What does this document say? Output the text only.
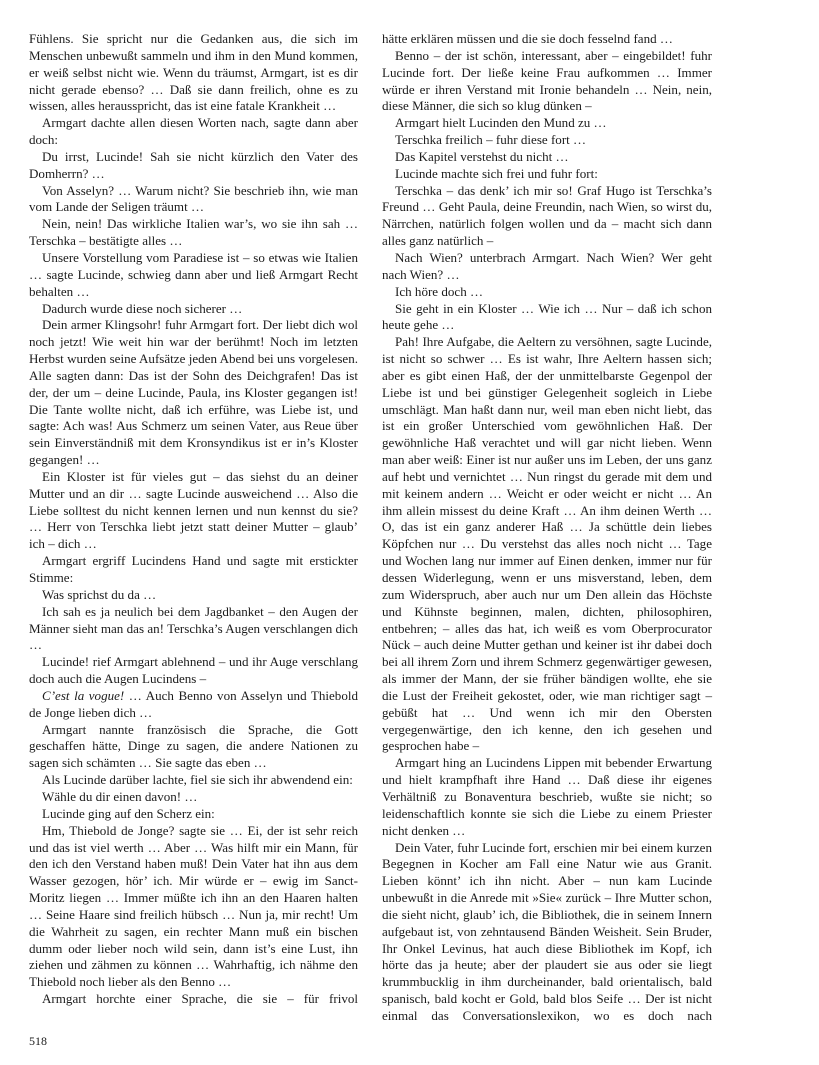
Fühlens. Sie spricht nur die Gedanken aus, die sich im Menschen unbewußt sammeln und ihm in den Mund kommen, er weiß selbst nicht wie. Wenn du träumst, Armgart, ist es dir nicht gerade ebenso? … Daß sie dann freilich, ohne es zu wissen, alles herausspricht, das ist eine fatale Krankheit …

Armgart dachte allen diesen Worten nach, sagte dann aber doch:

Du irrst, Lucinde! Sah sie nicht kürzlich den Vater des Domherrn? …

Von Asselyn? … Warum nicht? Sie beschrieb ihn, wie man vom Lande der Seligen träumt …

Nein, nein! Das wirkliche Italien war’s, wo sie ihn sah … Terschka – bestätigte alles …

Unsere Vorstellung vom Paradiese ist – so etwas wie Italien … sagte Lucinde, schwieg dann aber und ließ Armgart Recht behalten …

Dadurch wurde diese noch sicherer …

Dein armer Klingsohr! fuhr Armgart fort. Der liebt dich wol noch jetzt! Wie weit hin war der berühmt! Noch im letzten Herbst wurden seine Aufsätze jeden Abend bei uns vorgelesen. Alle sagten dann: Das ist der Sohn des Deichgrafen! Das ist der, der um – deine Lucinde, Paula, ins Kloster gegangen ist! Die Tante wollte nicht, daß ich erführe, was Liebe ist, und sagte: Ach was! Aus Schmerz um seinen Vater, aus Reue über sein Einverständniß mit dem Kronsyndikus ist er in’s Kloster gegangen! …

Ein Kloster ist für vieles gut – das siehst du an deiner Mutter und an dir … sagte Lucinde ausweichend … Also die Liebe solltest du nicht kennen lernen und nun kennst du sie? … Herr von Terschka liebt jetzt statt deiner Mutter – glaub’ ich – dich …

Armgart ergriff Lucindens Hand und sagte mit erstickter Stimme:

Was sprichst du da …

Ich sah es ja neulich bei dem Jagdbanket – den Augen der Männer sieht man das an! Terschka’s Augen verschlangen dich …

Lucinde! rief Armgart ablehnend – und ihr Auge verschlang doch auch die Augen Lucindens –

C’est la vogue! … Auch Benno von Asselyn und Thiebold de Jonge lieben dich …

Armgart nannte französisch die Sprache, die Gott geschaffen hätte, Dinge zu sagen, die andere Nationen zu sagen sich schämten … Sie sagte das eben …

Als Lucinde darüber lachte, fiel sie sich ihr abwendend ein:

Wähle du dir einen davon! …

Lucinde ging auf den Scherz ein:

Hm, Thiebold de Jonge? sagte sie … Ei, der ist sehr reich und das ist viel werth … Aber … Was hilft mir ein Mann, für den ich den Verstand haben muß! Dein Vater hat ihn aus dem Wasser gezogen, hör’ ich. Mir würde er – ewig im Sanct-Moritz liegen … Immer müßte ich ihn an den Haaren halten … Seine Haare sind freilich hübsch … Nun ja, mir recht! Um die Wahrheit zu sagen, ein rechter Mann muß ein bischen dumm oder lieber noch wild sein, dann ist’s eine Lust, ihn ziehen und zähmen zu können … Wahrhaftig, ich nähme den Thiebold noch lieber als den Benno …

Armgart horchte einer Sprache, die sie – für frivol

hätte erklären müssen und die sie doch fesselnd fand …

Benno – der ist schön, interessant, aber – eingebildet! fuhr Lucinde fort. Der ließe keine Frau aufkommen … Immer würde er ihren Verstand mit Ironie behandeln … Nein, nein, diese Männer, die sich so klug dünken –

Armgart hielt Lucinden den Mund zu …

Terschka freilich – fuhr diese fort …

Das Kapitel verstehst du nicht …

Lucinde machte sich frei und fuhr fort:

Terschka – das denk’ ich mir so! Graf Hugo ist Terschka’s Freund … Geht Paula, deine Freundin, nach Wien, so wirst du, Närrchen, natürlich folgen wollen und da – macht sich dann alles ganz natürlich –

Nach Wien? unterbrach Armgart. Nach Wien? Wer geht nach Wien? …

Ich höre doch …

Sie geht in ein Kloster … Wie ich … Nur – daß ich schon heute gehe …

Pah! Ihre Aufgabe, die Aeltern zu versöhnen, sagte Lucinde, ist nicht so schwer … Es ist wahr, Ihre Aeltern hassen sich; aber es gibt einen Haß, der der unmittelbarste Gegenpol der Liebe ist und bei günstiger Gelegenheit sogleich in Liebe umschlägt. Man haßt dann nur, weil man eben nicht liebt, das ist ein großer Unterschied vom gewöhnlichen Haß. Der gewöhnliche Haß verachtet und will gar nicht lieben. Wenn man aber weiß: Einer ist nur außer uns im Leben, der uns ganz auf hebt und vernichtet … Nun ringst du gerade mit dem und mit keinem andern … Weicht er oder weicht er nicht … An ihm allein missest du deine Kraft … An ihm deinen Werth … O, das ist ein ganz anderer Haß … Ja schüttle dein liebes Köpfchen nur … Du verstehst das alles noch nicht … Tage und Wochen lang nur immer auf Einen denken, immer nur für dessen Widerlegung, wenn er uns misverstand, leben, dem zum Widerspruch, aber auch nur um Den allein das Höchste und Kühnste beginnen, malen, dichten, philosophiren, entbehren; – alles das hat, ich weiß es vom Oberprocurator Nück – auch deine Mutter gethan und keiner ist ihr dabei doch bei all ihrem Zorn und ihrem Schmerz gegenwärtiger gewesen, als immer der Mann, der sie früher bändigen wollte, ehe sie die Lust der Freiheit gekostet, oder, wie man richtiger sagt – gebüßt hat … Und wenn ich mir den Obersten vergegenwärtige, den ich kenne, den ich gesehen und gesprochen habe –

Armgart hing an Lucindens Lippen mit bebender Erwartung und hielt krampfhaft ihre Hand … Daß diese ihr eigenes Verhältniß zu Bonaventura beschrieb, wußte sie nicht; so leidenschaftlich konnte sie sich die Liebe zu einem Priester nicht denken …

Dein Vater, fuhr Lucinde fort, erschien mir bei einem kurzen Begegnen in Kocher am Fall eine Natur wie aus Granit. Lieben könnt’ ich ihn nicht. Aber – nun kam Lucinde unbewußt in die Anrede mit »Sie« zurück – Ihre Mutter schon, die sieht nicht, glaub’ ich, die Bibliothek, die in seinem Innern aufgebaut ist, von zehntausend Bänden Weisheit. Sein Bruder, Ihr Onkel Levinus, hat auch diese Bibliothek im Kopf, ich hörte das ja heute; aber der plaudert sie aus oder sie liegt krummbucklig in ihm durcheinander, bald orientalisch, bald spanisch, bald kocht er Gold, bald blos Seife … Der ist nicht einmal das Conversationslexikon, wo es doch nach

518
